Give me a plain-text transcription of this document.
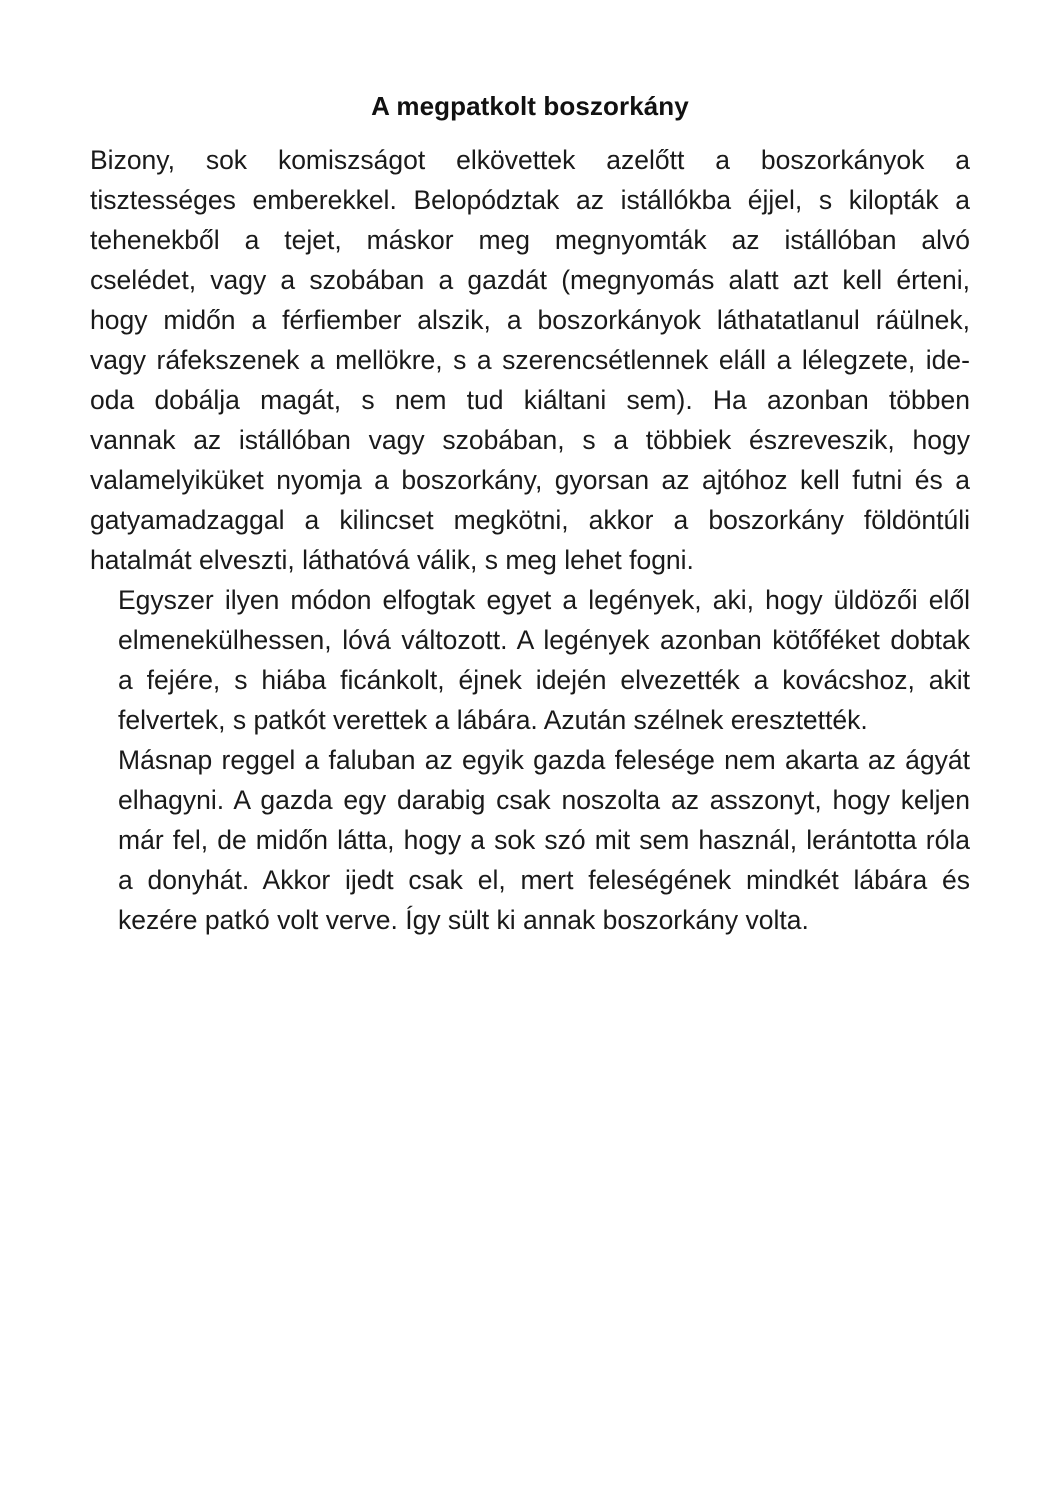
A megpatkolt boszorkány

Bizony, sok komiszságot elkövettek azelőtt a boszorkányok a
tisztességes emberekkel. Belopództak az istállókba éjjel, s kilopták a
tehenekből a tejet, máskor meg megnyomták az istállóban alvó
cselédet, vagy a szobában a gazdát (megnyomás alatt azt kell érteni,
hogy midőn a férfiember alszik, a boszorkányok láthatatlanul ráülnek,
vagy ráfekszenek a mellökre, s a szerencsétlennek eláll a lélegzete, ide-
oda dobálja magát, s nem tud kiáltani sem). Ha azonban többen
vannak az istállóban vagy szobában, s a többiek észreveszik, hogy
valamelyiküket nyomja a boszorkány, gyorsan az ajtóhoz kell futni és a
gatyamadzaggal a kilincset megkötni, akkor a boszorkány földöntúli
hatalmát elveszti, láthatóvá válik, s meg lehet fogni.

Egyszer ilyen módon elfogtak egyet a legények, aki, hogy üldözői elől
elmenekülhessen, lóvá változott. A legények azonban kötőféket dobtak
a fejére, s hiába ficánkolt, éjnek idején elvezették a kovácshoz, akit
felvertek, s patkót verettek a lábára. Azután szélnek eresztették.

Másnap reggel a faluban az egyik gazda felesége nem akarta az ágyát
elhagyni. A gazda egy darabig csak noszolta az asszonyt, hogy keljen
már fel, de midőn látta, hogy a sok szó mit sem használ, lerántotta róla
a donyhát. Akkor ijedt csak el, mert feleségének mindkét lábára és
kezére patkó volt verve. Így sült ki annak boszorkány volta.
